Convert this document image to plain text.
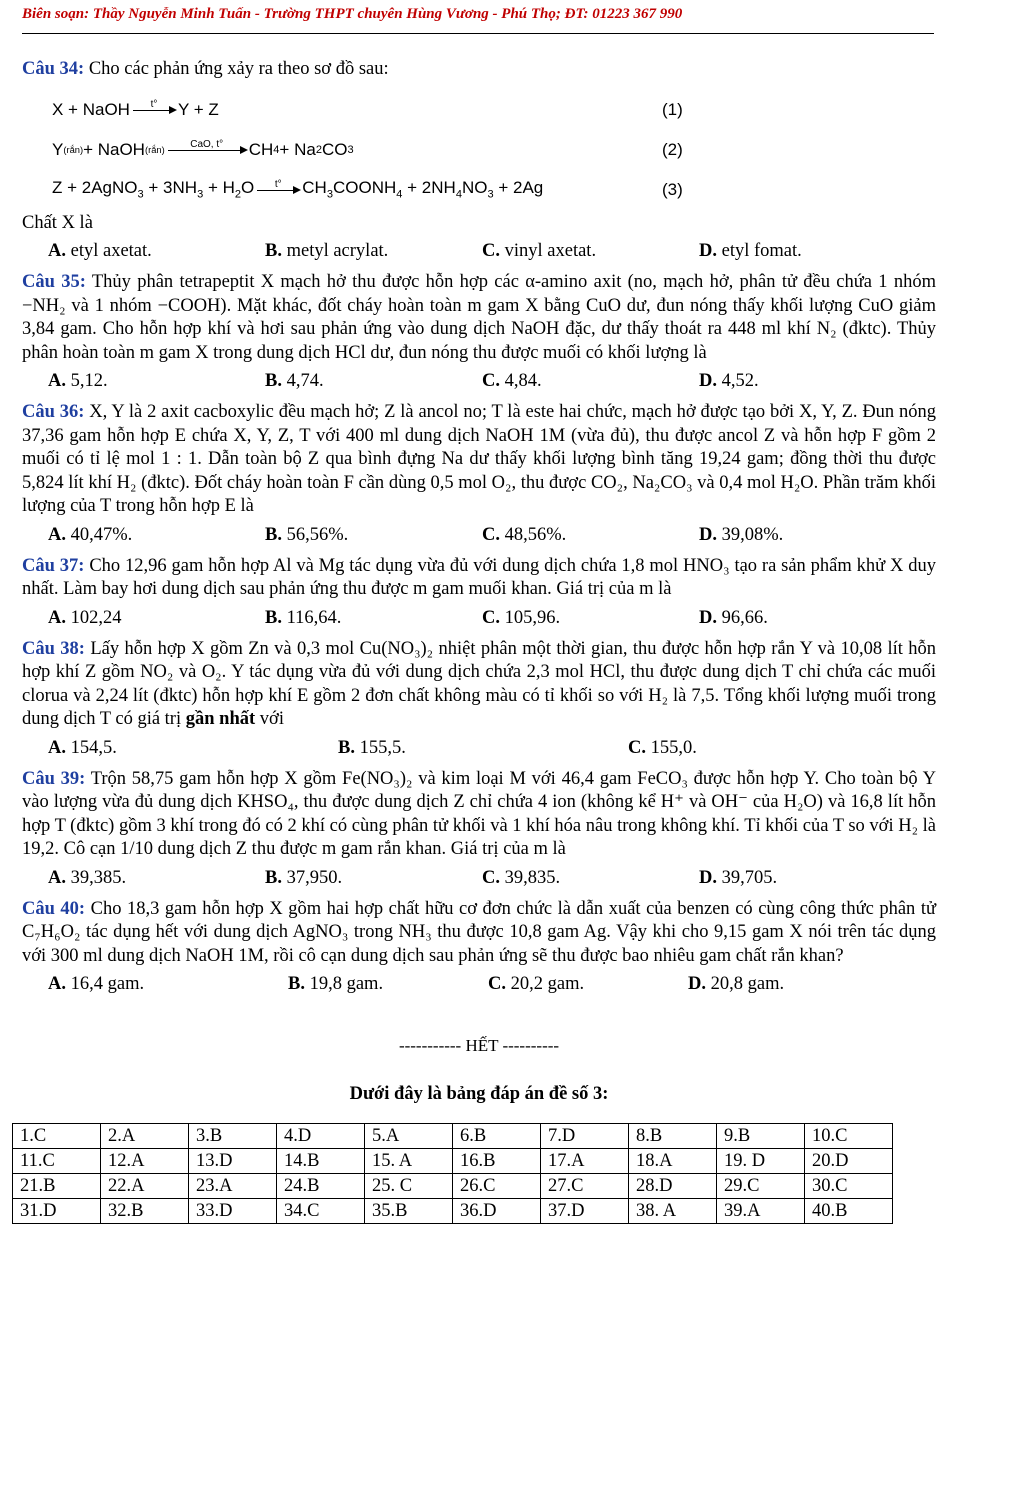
Biên soạn: Thầy Nguyễn Minh Tuấn - Trường THPT chuyên Hùng Vương - Phú Thọ; ĐT: 01223 367 990

Câu 34: Cho các phản ứng xảy ra theo sơ đồ sau:

X + NaOH t° Y + Z	(1)
Y (rắn) + NaOH (rắn)	CaO, t° CH 4 + Na 2 CO 3	(2)
Z + 2AgNO$_3$ + $3NH_3 + H_2O$ t° $CH_3COONH_4 + 2NH_4NO_3 + 2Ag$	(3)

Chất X là

A. etyl axetat.	B. metyl acrylat.	C. vinyl axetat.	D. etyl fomat.

Câu 35: Thủy phân tetrapeptit X mạch hở thu được hỗn hợp các α-amino axit (no, mạch hở, phân tử đều chứa 1 nhóm −NH₂ và 1 nhóm −COOH). Mặt khác, đốt cháy hoàn toàn m gam X bằng CuO dư, đun nóng thấy khối lượng CuO giảm 3,84 gam. Cho hỗn hợp khí và hơi sau phản ứng vào dung dịch NaOH đặc, dư thấy thoát ra 448 ml khí N₂ (đktc). Thủy phân hoàn toàn m gam X trong dung dịch HCl dư, đun nóng thu được muối có khối lượng là

A. 5,12.	B. 4,74.	C. 4,84.	D. 4,52.

Câu 36: X, Y là 2 axit cacboxylic đều mạch hở; Z là ancol no; T là este hai chức, mạch hở được tạo bởi X, Y, Z. Đun nóng 37,36 gam hỗn hợp E chứa X, Y, Z, T với 400 ml dung dịch NaOH 1M (vừa đủ), thu được ancol Z và hỗn hợp F gồm 2 muối có tỉ lệ mol 1 : 1. Dẫn toàn bộ Z qua bình đựng Na dư thấy khối lượng bình tăng 19,24 gam; đồng thời thu được 5,824 lít khí H₂ (đktc). Đốt cháy hoàn toàn F cần dùng 0,5 mol O₂, thu được CO₂, Na₂CO₃ và 0,4 mol H₂O. Phần trăm khối lượng của T trong hỗn hợp E là

A. 40,47%.	B. 56,56%.	C. 48,56%.	D. 39,08%.

Câu 37: Cho 12,96 gam hỗn hợp Al và Mg tác dụng vừa đủ với dung dịch chứa 1,8 mol HNO₃ tạo ra sản phẩm khử X duy nhất. Làm bay hơi dung dịch sau phản ứng thu được m gam muối khan. Giá trị của m là

A. 102,24	B. 116,64.	C. 105,96.	D. 96,66.

Câu 38: Lấy hỗn hợp X gồm Zn và 0,3 mol Cu(NO₃)₂ nhiệt phân một thời gian, thu được hỗn hợp rắn Y và 10,08 lít hỗn hợp khí Z gồm NO₂ và O₂. Y tác dụng vừa đủ với dung dịch chứa 2,3 mol HCl, thu được dung dịch T chỉ chứa các muối clorua và 2,24 lít (đktc) hỗn hợp khí E gồm 2 đơn chất không màu có tỉ khối so với H₂ là 7,5. Tổng khối lượng muối trong dung dịch T có giá trị gần nhất với

A. 154,5.	B. 155,5.	C. 155,0.

Câu 39: Trộn 58,75 gam hỗn hợp X gồm Fe(NO₃)₂ và kim loại M với 46,4 gam FeCO₃ được hỗn hợp Y. Cho toàn bộ Y vào lượng vừa đủ dung dịch KHSO₄, thu được dung dịch Z chỉ chứa 4 ion (không kể H⁺ và OH⁻ của H₂O) và 16,8 lít hỗn hợp T (đktc) gồm 3 khí trong đó có 2 khí có cùng phân tử khối và 1 khí hóa nâu trong không khí. Tỉ khối của T so với H₂ là 19,2. Cô cạn 1/10 dung dịch Z thu được m gam rắn khan. Giá trị của m là

A. 39,385.	B. 37,950.	C. 39,835.	D. 39,705.

Câu 40: Cho 18,3 gam hỗn hợp X gồm hai hợp chất hữu cơ đơn chức là dẫn xuất của benzen có cùng công thức phân tử C₇H₆O₂ tác dụng hết với dung dịch AgNO₃ trong NH₃ thu được 10,8 gam Ag. Vậy khi cho 9,15 gam X nói trên tác dụng với 300 ml dung dịch NaOH 1M, rồi cô cạn dung dịch sau phản ứng sẽ thu được bao nhiêu gam chất rắn khan?

A. 16,4 gam.	B. 19,8 gam.	C. 20,2 gam.	D. 20,8 gam.
----------- HẾT ----------
Dưới đây là bảng đáp án đề số 3:
1.C	2.A	3.B	4.D	5.A	6.B	7.D	8.B	9.B	10.C
11.C	12.A	13.D	14.B	15. A	16.B	17.A	18.A	19. D	20.D
21.B	22.A	23.A	24.B	25. C	26.C	27.C	28.D	29.C	30.C
31.D	32.B	33.D	34.C	35.B	36.D	37.D	38. A	39.A	40.B
